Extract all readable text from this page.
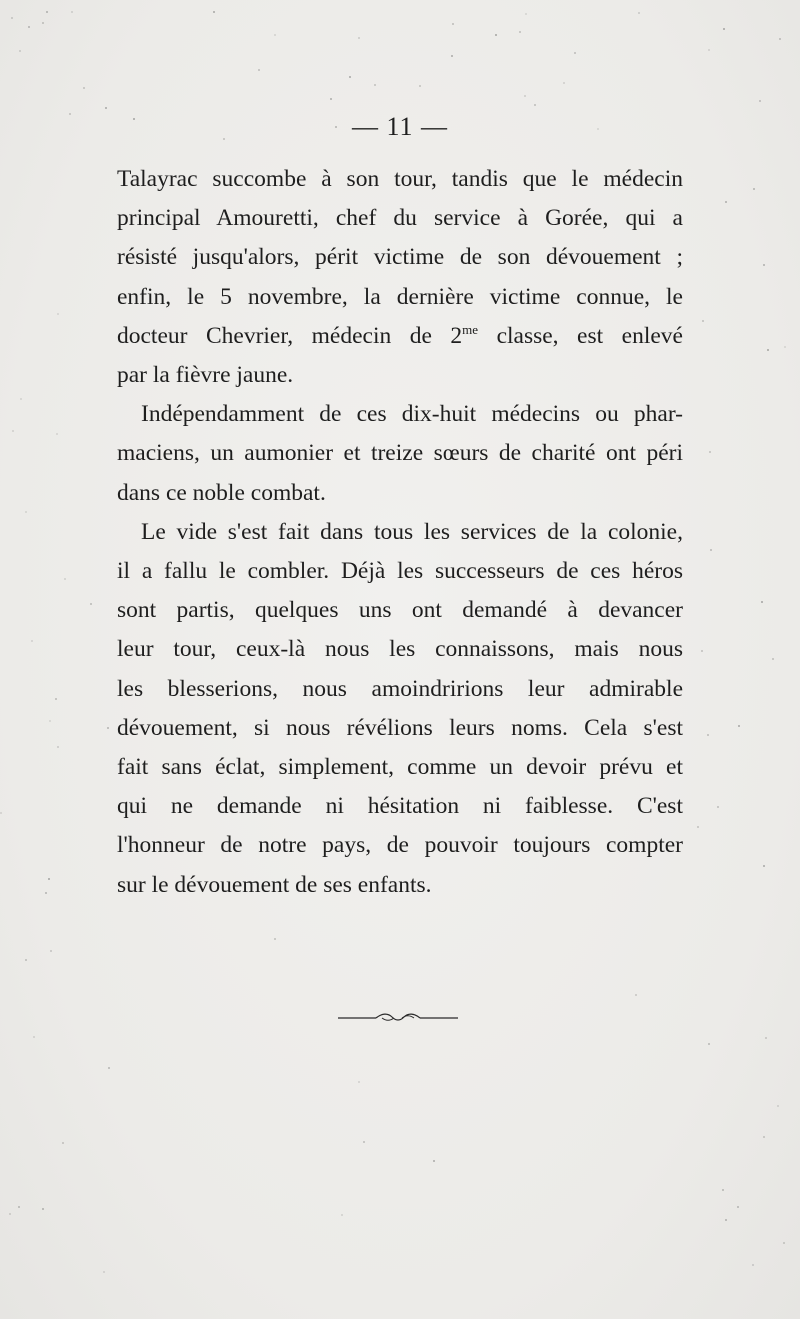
— 11 —

Talayrac succombe à son tour, tandis que le médecin
principal Amouretti, chef du service à Gorée, qui a
résisté jusqu'alors, périt victime de son dévouement ;
enfin, le 5 novembre, la dernière victime connue, le
docteur Chevrier, médecin de $2^{me}$ classe, est enlevé
par la fièvre jaune.

Indépendamment de ces dix-huit médecins ou phar-
maciens, un aumonier et treize sœurs de charité ont péri
dans ce noble combat.

Le vide s'est fait dans tous les services de la colonie,
il a fallu le combler. Déjà les successeurs de ces héros
sont partis, quelques uns ont demandé à devancer
leur tour, ceux-là nous les connaissons, mais nous
les blesserions, nous amoindririons leur admirable
dévouement, si nous révélions leurs noms. Cela s'est
fait sans éclat, simplement, comme un devoir prévu et
qui ne demande ni hésitation ni faiblesse. C'est
l'honneur de notre pays, de pouvoir toujours compter
sur le dévouement de ses enfants.
